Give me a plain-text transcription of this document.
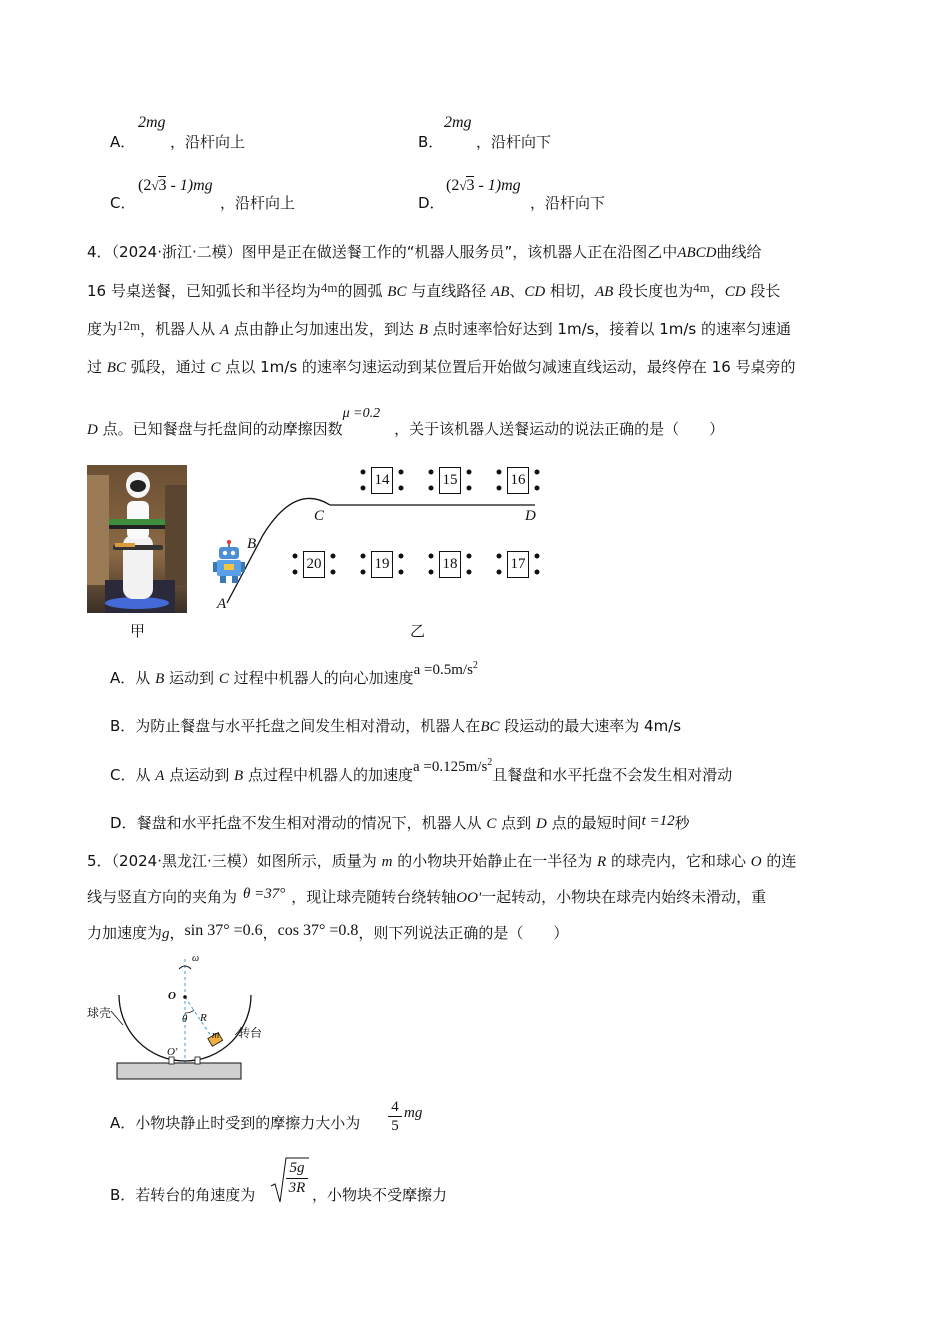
A．
2mg
，沿杆向上	B．
2mg
，沿杆向下
C．
(2√3 - 1)mg
，沿杆向上	D．
(2√3 - 1)mg
，沿杆向下
4．（2024·浙江·二模）图甲是正在做送餐工作的“机器人服务员”，该机器人正在沿图乙中ABCD曲线给
16 号桌送餐，已知弧长和半径均为4m的圆弧 BC 与直线路径 AB、CD 相切，AB 段长度也为4m，CD 段长
度为12m，机器人从 A 点由静止匀加速出发，到达 B 点时速率恰好达到 1m/s，接着以 1m/s 的速率匀速通
过 BC 弧段，通过 C 点以 1m/s 的速率匀速运动到某位置后开始做匀减速直线运动，最终停在 16 号桌旁的
D 点。已知餐盘与托盘间的动摩擦因数μ =0.2，关于该机器人送餐运动的说法正确的是（　　）
甲
B
A
C	D
14	15	16
20	19	18	17
乙
A．从 B 运动到 C 过程中机器人的向心加速度$a =0.5m/s^2$
B．为防止餐盘与水平托盘之间发生相对滑动，机器人在BC 段运动的最大速率为 4m/s
C．从 A 点运动到 B 点过程中机器人的加速度$a =0.125m/s^2$且餐盘和水平托盘不会发生相对滑动
D．餐盘和水平托盘不发生相对滑动的情况下，机器人从 C 点到 D 点的最短时间t =12秒
5．（2024·黑龙江·三模）如图所示，质量为 m 的小物块开始静止在一半径为 R 的球壳内，它和球心 O 的连
线与竖直方向的夹角为 θ =37° ，现让球壳随转台绕转轴OO'一起转动，小物块在球壳内始终未滑动，重
力加速度为g，sin 37° =0.6，cos 37° =0.8，则下列说法正确的是（　　）
ω
O
θ R
m
O'
球壳
转台
A．小物块静止时受到的摩擦力大小为
4
5
mg
B．若转台的角速度为
5g
3R ，小物块不受摩擦力
